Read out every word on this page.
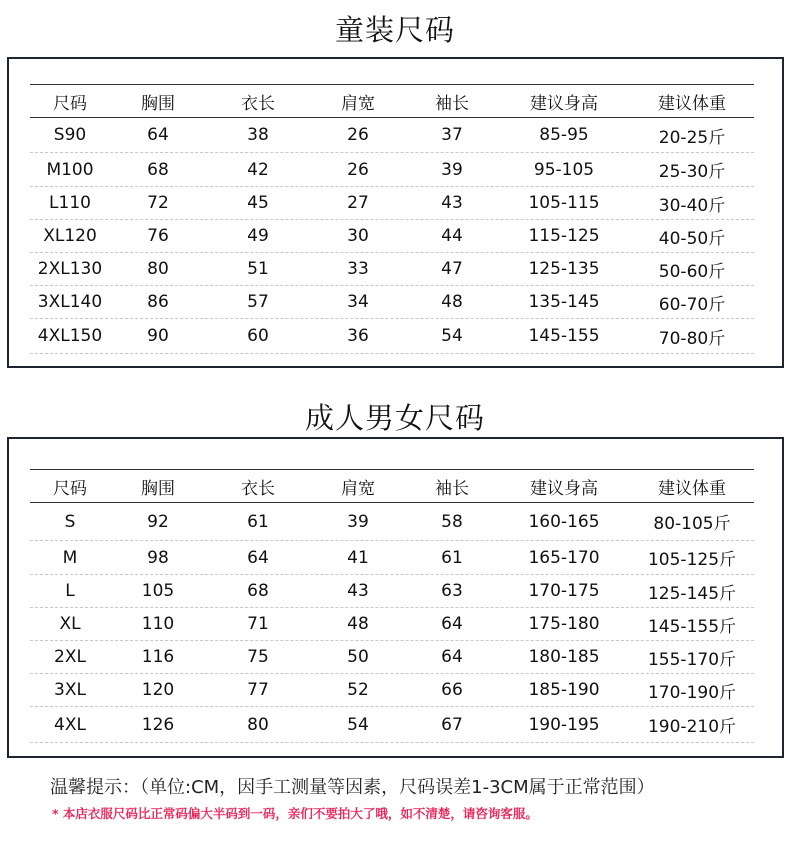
童装尺码
尺码	胸围	衣长	肩宽	袖长	建议身高	建议体重
S90	64	38	26	37	85-95	20-25斤
M100	68	42	26	39	95-105	25-30斤
L110	72	45	27	43	105-115	30-40斤
XL120	76	49	30	44	115-125	40-50斤
2XL130	80	51	33	47	125-135	50-60斤
3XL140	86	57	34	48	135-145	60-70斤
4XL150	90	60	36	54	145-155	70-80斤
成人男女尺码
尺码	胸围	衣长	肩宽	袖长	建议身高	建议体重
S	92	61	39	58	160-165	80-105斤
M	98	64	41	61	165-170	105-125斤
L	105	68	43	63	170-175	125-145斤
XL	110	71	48	64	175-180	145-155斤
2XL	116	75	50	64	180-185	155-170斤
3XL	120	77	52	66	185-190	170-190斤
4XL	126	80	54	67	190-195	190-210斤
温馨提示：（单位:CM，因手工测量等因素，尺码误差1-3CM属于正常范围）
* 本店衣服尺码比正常码偏大半码到一码，亲们不要拍大了哦，如不清楚，请咨询客服。
